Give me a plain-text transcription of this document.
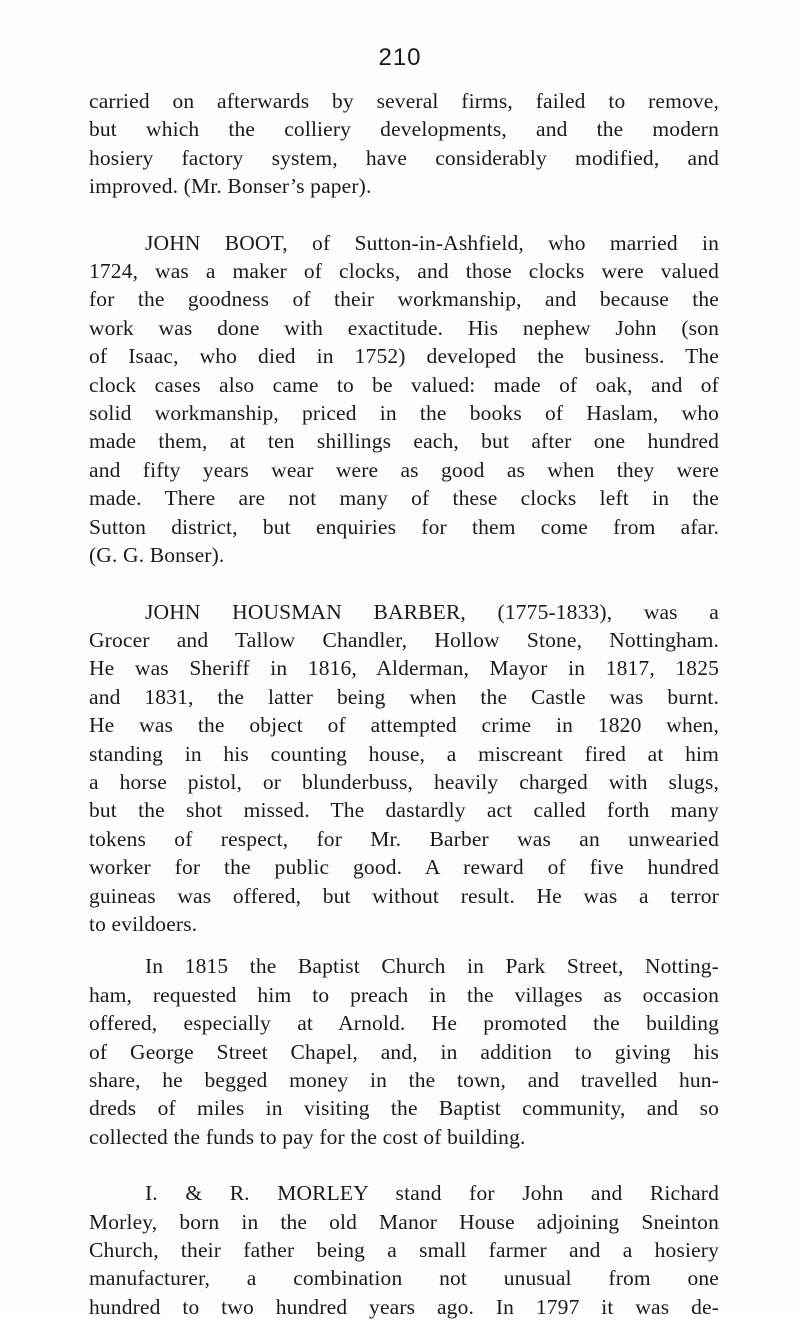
210

carried on afterwards by several firms, failed to remove,
but which the colliery developments, and the modern
hosiery factory system, have considerably modified, and
improved. (Mr. Bonser’s paper).

JOHN BOOT, of Sutton-in-Ashfield, who married in
1724, was a maker of clocks, and those clocks were valued
for the goodness of their workmanship, and because the
work was done with exactitude. His nephew John (son
of Isaac, who died in 1752) developed the business. The
clock cases also came to be valued: made of oak, and of
solid workmanship, priced in the books of Haslam, who
made them, at ten shillings each, but after one hundred
and fifty years wear were as good as when they were
made. There are not many of these clocks left in the
Sutton district, but enquiries for them come from afar.
(G. G. Bonser).

JOHN HOUSMAN BARBER, (1775-1833), was a
Grocer and Tallow Chandler, Hollow Stone, Nottingham.
He was Sheriff in 1816, Alderman, Mayor in 1817, 1825
and 1831, the latter being when the Castle was burnt.
He was the object of attempted crime in 1820 when,
standing in his counting house, a miscreant fired at him
a horse pistol, or blunderbuss, heavily charged with slugs,
but the shot missed. The dastardly act called forth many
tokens of respect, for Mr. Barber was an unwearied
worker for the public good. A reward of five hundred
guineas was offered, but without result. He was a terror
to evildoers.

In 1815 the Baptist Church in Park Street, Notting-
ham, requested him to preach in the villages as occasion
offered, especially at Arnold. He promoted the building
of George Street Chapel, and, in addition to giving his
share, he begged money in the town, and travelled hun-
dreds of miles in visiting the Baptist community, and so
collected the funds to pay for the cost of building.

I. & R. MORLEY stand for John and Richard
Morley, born in the old Manor House adjoining Sneinton
Church, their father being a small farmer and a hosiery
manufacturer, a combination not unusual from one
hundred to two hundred years ago. In 1797 it was de-
